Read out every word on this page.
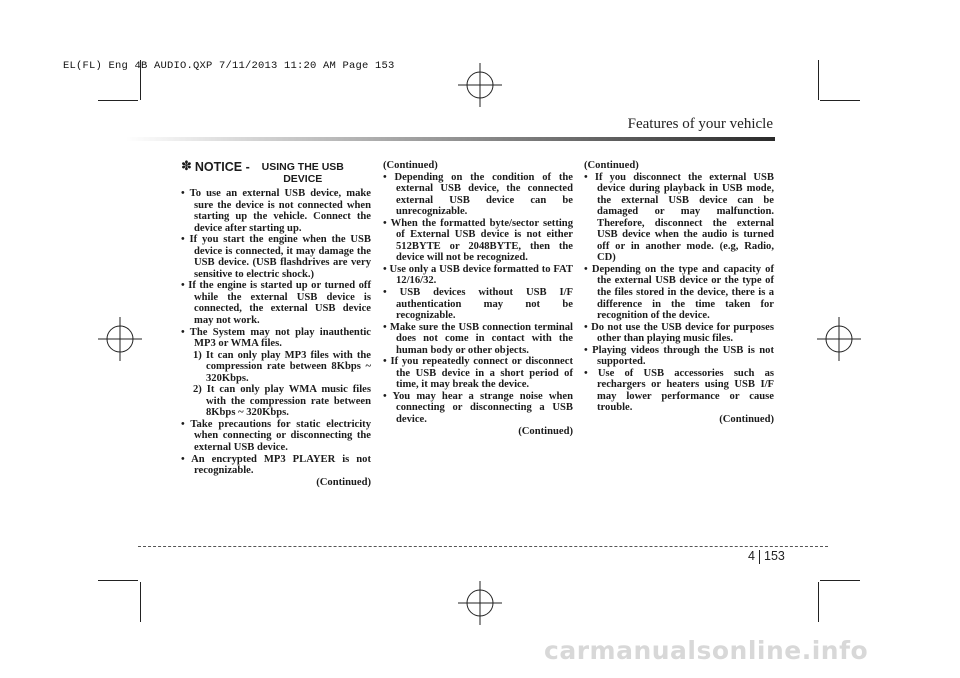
EL(FL) Eng 4B AUDIO.QXP 7/11/2013 11:20 AM Page 153
Features of your vehicle
✽ NOTICE -	USING THE USB DEVICE
• To use an external USB device, make sure the device is not connected when starting up the vehicle. Connect the device after starting up.
• If you start the engine when the USB device is connected, it may damage the USB device. (USB flashdrives are very sensitive to electric shock.)
• If the engine is started up or turned off while the external USB device is connected, the external USB device may not work.
• The System may not play inauthentic MP3 or WMA files.
1) It can only play MP3 files with the compression rate between 8Kbps ~ 320Kbps.
2) It can only play WMA music files with the compression rate between 8Kbps ~ 320Kbps.
• Take precautions for static electricity when connecting or disconnecting the external USB device.
• An encrypted MP3 PLAYER is not recognizable.
(Continued)
(Continued)
• Depending on the condition of the external USB device, the connected external USB device can be unrecognizable.
• When the formatted byte/sector setting of External USB device is not either 512BYTE or 2048BYTE, then the device will not be recognized.
• Use only a USB device formatted to FAT 12/16/32.
• USB devices without USB I/F authentication may not be recognizable.
• Make sure the USB connection terminal does not come in contact with the human body or other objects.
• If you repeatedly connect or disconnect the USB device in a short period of time, it may break the device.
• You may hear a strange noise when connecting or disconnecting a USB device.
(Continued)
(Continued)
• If you disconnect the external USB device during playback in USB mode, the external USB device can be damaged or may malfunction. Therefore, disconnect the external USB device when the audio is turned off or in another mode. (e.g, Radio, CD)
• Depending on the type and capacity of the external USB device or the type of the files stored in the device, there is a difference in the time taken for recognition of the device.
• Do not use the USB device for purposes other than playing music files.
• Playing videos through the USB is not supported.
• Use of USB accessories such as rechargers or heaters using USB I/F may lower performance or cause trouble.
(Continued)
4 153
carmanualsonline.info
